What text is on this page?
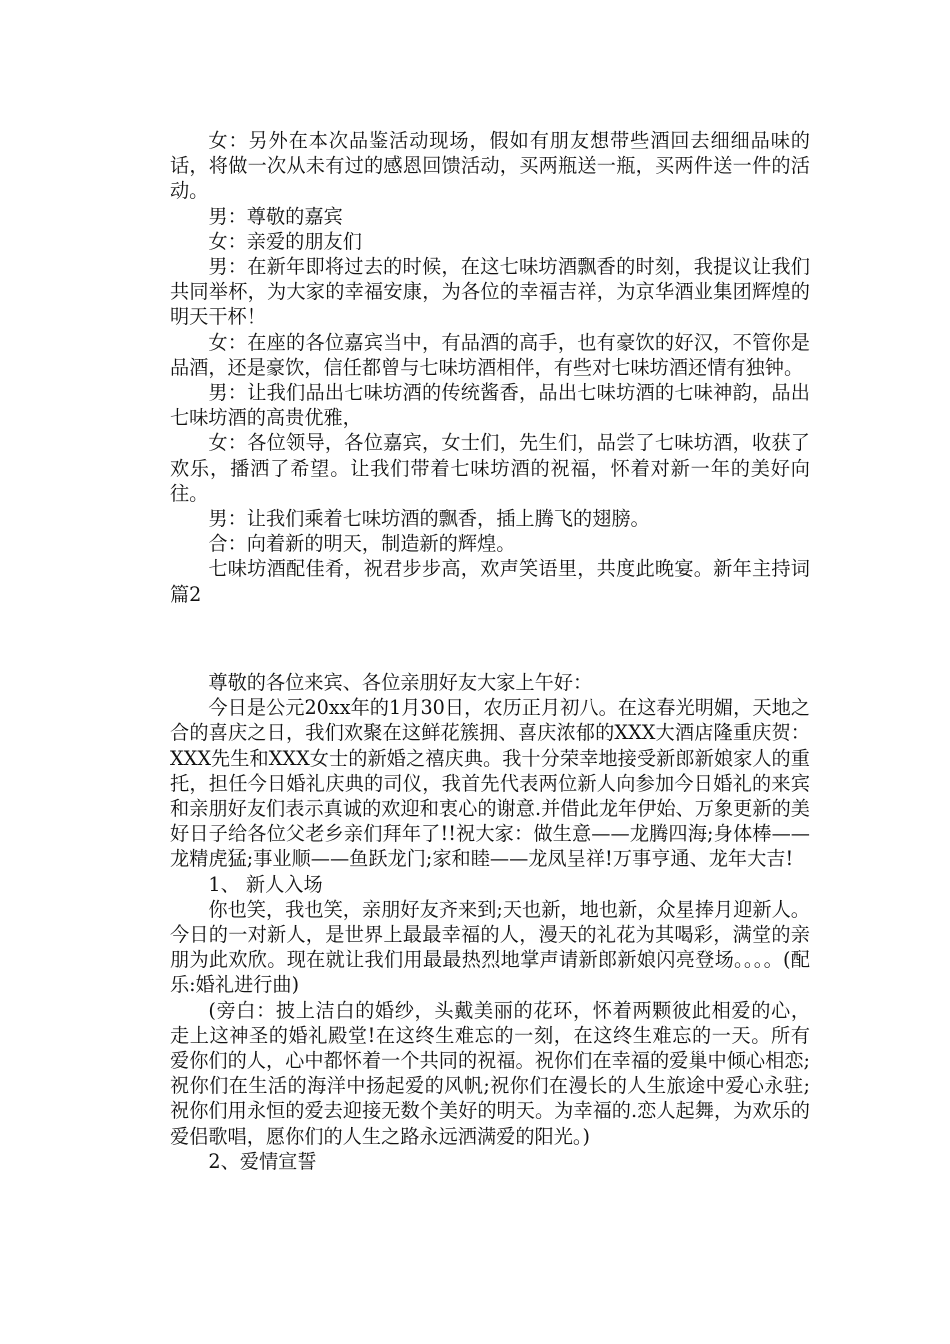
女：另外在本次品鉴活动现场，假如有朋友想带些酒回去细细品味的话，将做一次从未有过的感恩回馈活动，买两瓶送一瓶，买两件送一件的活动。

男：尊敬的嘉宾

女：亲爱的朋友们

男：在新年即将过去的时候，在这七味坊酒飘香的时刻，我提议让我们共同举杯，为大家的幸福安康，为各位的幸福吉祥，为京华酒业集团辉煌的明天干杯！

女：在座的各位嘉宾当中，有品酒的高手，也有豪饮的好汉，不管你是品酒，还是豪饮，信任都曾与七味坊酒相伴，有些对七味坊酒还情有独钟。

男：让我们品出七味坊酒的传统酱香，品出七味坊酒的七味神韵，品出七味坊酒的高贵优雅，

女：各位领导，各位嘉宾，女士们，先生们，品尝了七味坊酒，收获了欢乐，播洒了希望。让我们带着七味坊酒的祝福，怀着对新一年的美好向往。

男：让我们乘着七味坊酒的飘香，插上腾飞的翅膀。

合：向着新的明天，制造新的辉煌。

七味坊酒配佳肴，祝君步步高，欢声笑语里，共度此晚宴。新年主持词 篇2

尊敬的各位来宾、各位亲朋好友大家上午好：

今日是公元20xx年的1月30日，农历正月初八。在这春光明媚，天地之合的喜庆之日，我们欢聚在这鲜花簇拥、喜庆浓郁的XXX大酒店隆重庆贺：XXX先生和XXX女士的新婚之禧庆典。我十分荣幸地接受新郎新娘家人的重托，担任今日婚礼庆典的司仪，我首先代表两位新人向参加今日婚礼的来宾和亲朋好友们表示真诚的欢迎和衷心的谢意.并借此龙年伊始、万象更新的美好日子给各位父老乡亲们拜年了!!祝大家：做生意——龙腾四海;身体棒——龙精虎猛;事业顺——鱼跃龙门;家和睦——龙凤呈祥!万事亨通、龙年大吉!

1、 新人入场

你也笑，我也笑，亲朋好友齐来到;天也新，地也新，众星捧月迎新人。今日的一对新人，是世界上最最幸福的人，漫天的礼花为其喝彩，满堂的亲朋为此欢欣。现在就让我们用最最热烈地掌声请新郎新娘闪亮登场。。。。(配乐:婚礼进行曲)

(旁白：披上洁白的婚纱，头戴美丽的花环，怀着两颗彼此相爱的心，走上这神圣的婚礼殿堂!在这终生难忘的一刻，在这终生难忘的一天。所有爱你们的人，心中都怀着一个共同的祝福。祝你们在幸福的爱巢中倾心相恋;祝你们在生活的海洋中扬起爱的风帆;祝你们在漫长的人生旅途中爱心永驻;祝你们用永恒的爱去迎接无数个美好的明天。为幸福的.恋人起舞，为欢乐的爱侣歌唱，愿你们的人生之路永远洒满爱的阳光。)

2、爱情宣誓
